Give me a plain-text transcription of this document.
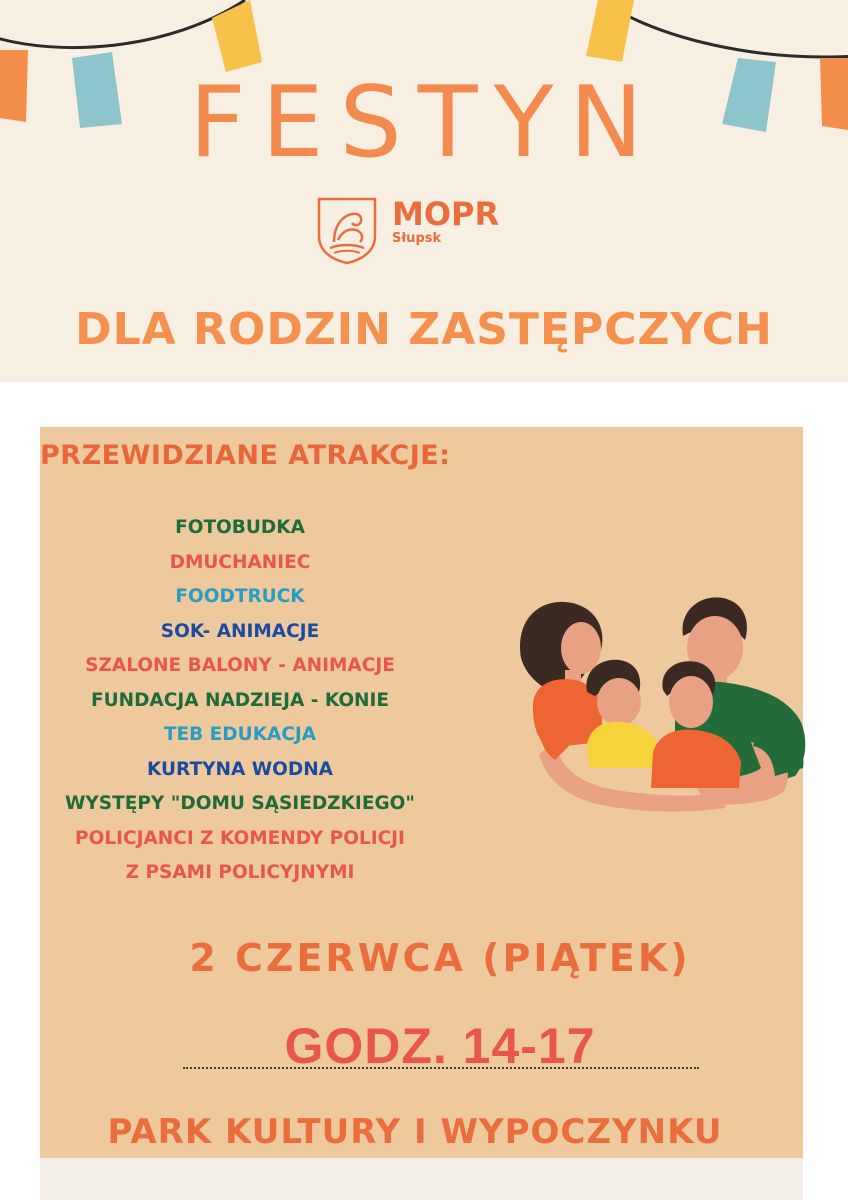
FESTYN
MOPR
Słupsk
DLA RODZIN ZASTĘPCZYCH
PRZEWIDZIANE ATRAKCJE:
FOTOBUDKA
DMUCHANIEC
FOODTRUCK
SOK- ANIMACJE
SZALONE BALONY - ANIMACJE
FUNDACJA NADZIEJA - KONIE
TEB EDUKACJA
KURTYNA WODNA
WYSTĘPY "DOMU SĄSIEDZKIEGO"
POLICJANCI Z KOMENDY POLICJI
Z PSAMI POLICYJNYMI
2 CZERWCA (PIĄTEK)
GODZ. 14-17
PARK KULTURY I WYPOCZYNKU
